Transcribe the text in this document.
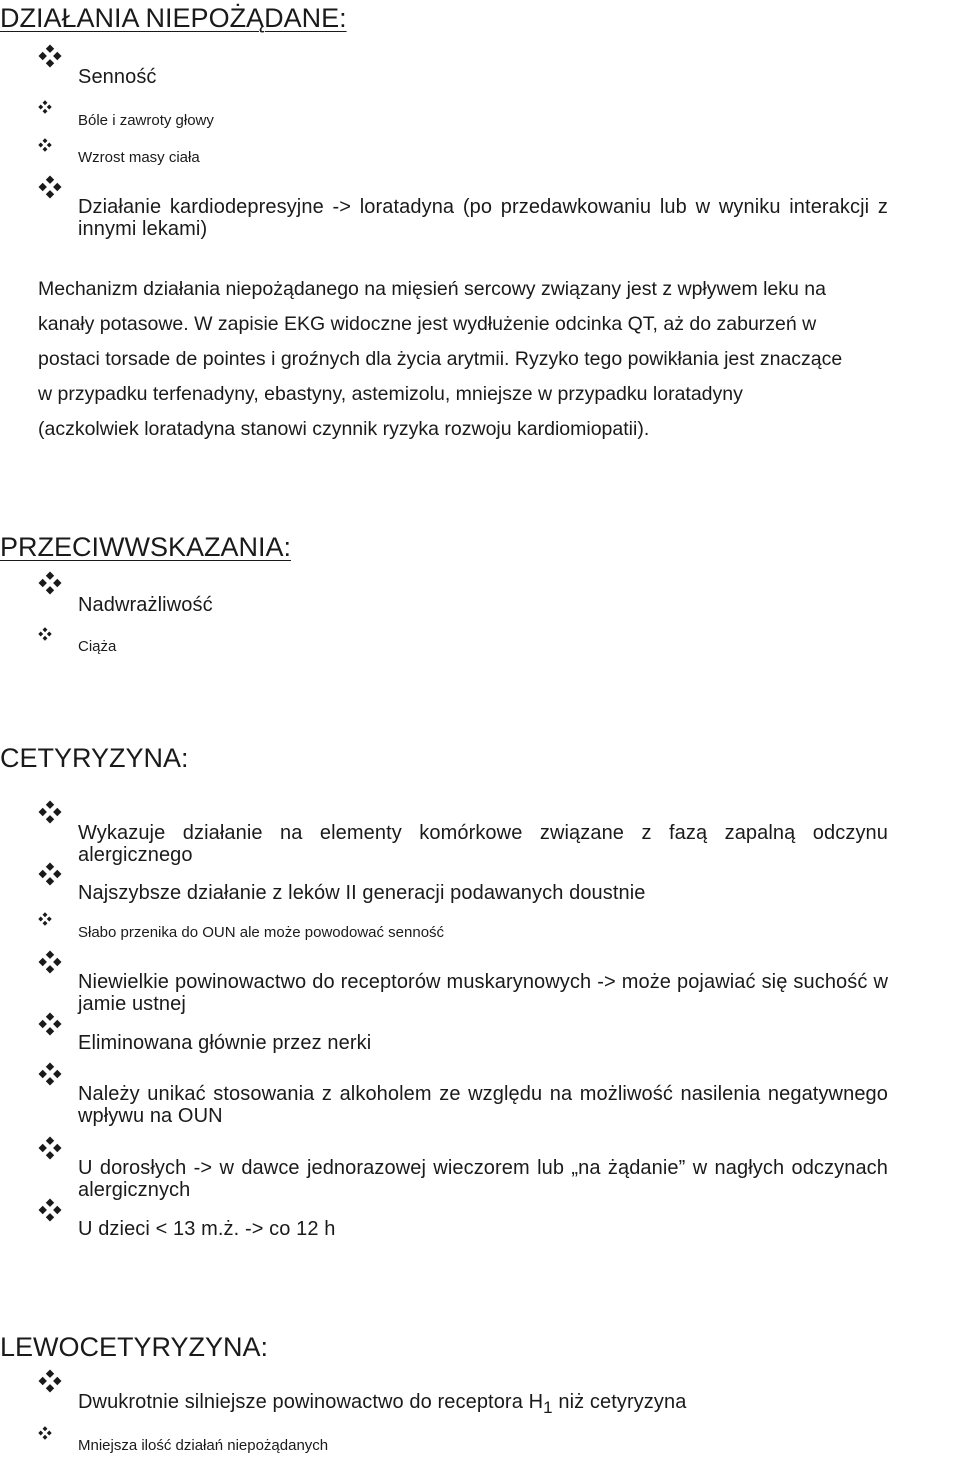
DZIAŁANIA NIEPOŻĄDANE:
Senność
Bóle i zawroty głowy
Wzrost masy ciała
Działanie kardiodepresyjne -> loratadyna (po przedawkowaniu lub w wyniku interakcji z innymi lekami)
Mechanizm działania niepożądanego na mięsień sercowy związany jest z wpływem leku na
kanały potasowe. W zapisie EKG widoczne jest wydłużenie odcinka QT, aż do zaburzeń w
postaci torsade de pointes i groźnych dla życia arytmii. Ryzyko tego powikłania jest znaczące
w przypadku terfenadyny, ebastyny, astemizolu, mniejsze w przypadku loratadyny
(aczkolwiek loratadyna stanowi czynnik ryzyka rozwoju kardiomiopatii).
PRZECIWWSKAZANIA:
Nadwrażliwość
Ciąża
CETYRYZYNA:
Wykazuje działanie na elementy komórkowe związane z fazą zapalną odczynu alergicznego
Najszybsze działanie z leków II generacji podawanych doustnie
Słabo przenika do OUN ale może powodować senność
Niewielkie powinowactwo do receptorów muskarynowych -> może pojawiać się suchość w jamie ustnej
Eliminowana głównie przez nerki
Należy unikać stosowania z alkoholem ze względu na możliwość nasilenia negatywnego wpływu na OUN
U dorosłych -> w dawce jednorazowej wieczorem lub „na żądanie” w nagłych odczynach alergicznych
U dzieci < 13 m.ż. -> co 12 h
LEWOCETYRYZYNA:
Dwukrotnie silniejsze powinowactwo do receptora $H_1$ niż cetyryzyna
Mniejsza ilość działań niepożądanych
